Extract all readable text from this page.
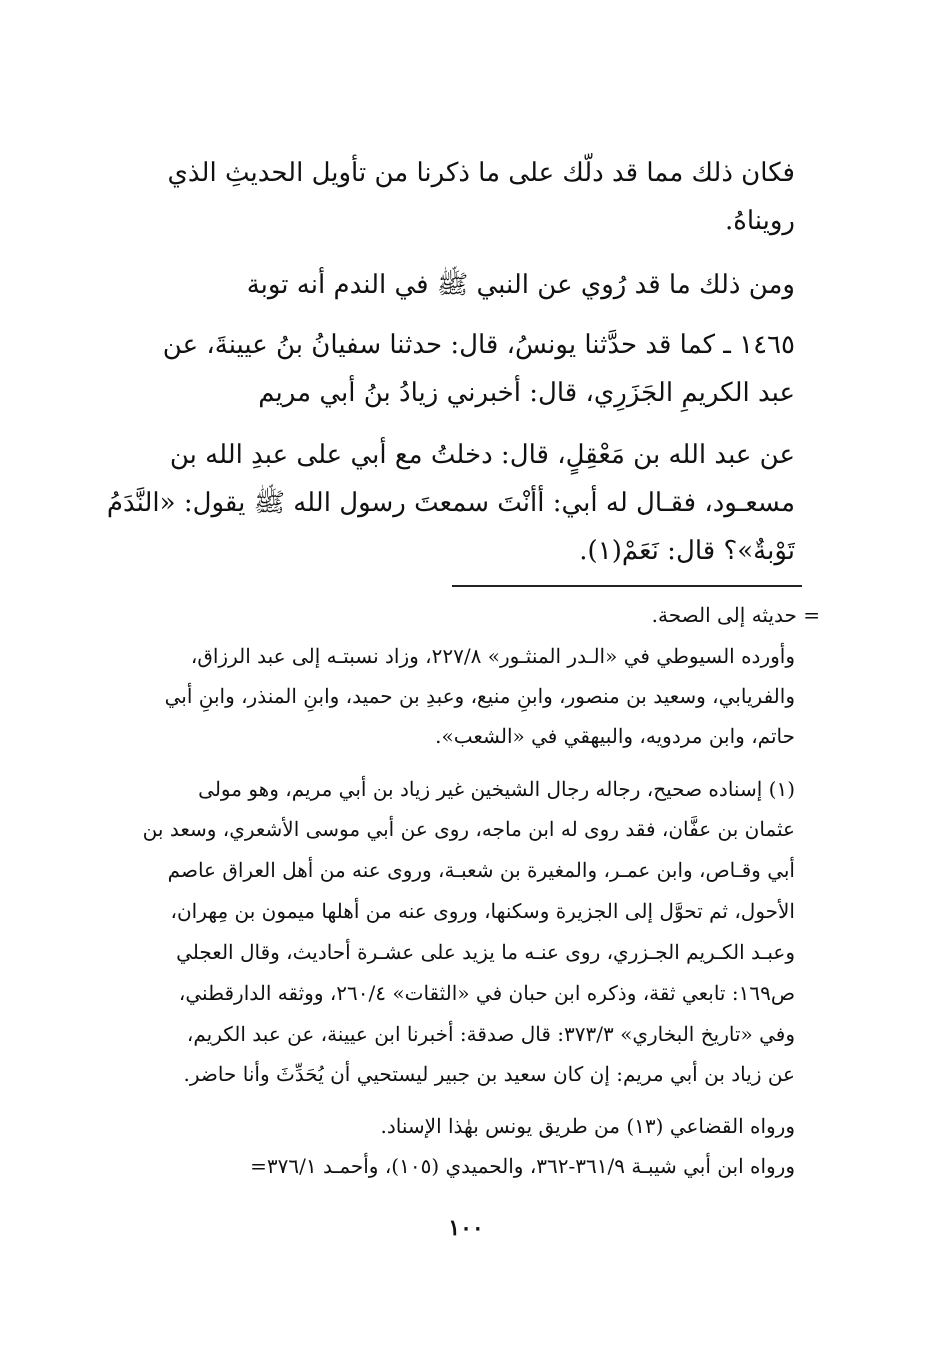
فكان ذلك مما قد دلَّك على ما ذكرنا من تأويل الحديثِ الذي
رويناهُ.
ومن ذلك ما قد رُوي عن النبي ﷺ في الندم أنه توبة
١٤٦٥ ـ كما قد حدَّثنا يونسُ، قال: حدثنا سفيانُ بنُ عيينةَ، عن
عبد الكريمِ الجَزَرِي، قال: أخبرني زيادُ بنُ أبي مريم
عن عبد الله بن مَعْقِلٍ، قال: دخلتُ مع أبي على عبدِ الله بن
مسعـود، فقـال له أبي: أأنْتَ سمعتَ رسول الله ﷺ يقول: «النَّدَمُ
تَوْبةٌ»؟ قال: نَعَمْ(١).
= حديثه إلى الصحة.
وأورده السيوطي في «الـدر المنثـور» ٢٢٧/٨، وزاد نسبتـه إلى عبد الرزاق،
والفريابي، وسعيد بن منصور، وابنِ منيع، وعبدِ بن حميد، وابنِ المنذر، وابنِ أبي
حاتم، وابن مردويه، والبيهقي في «الشعب».
(١) إسناده صحيح، رجاله رجال الشيخين غير زياد بن أبي مريم، وهو مولى
عثمان بن عفَّان، فقد روى له ابن ماجه، روى عن أبي موسى الأشعري، وسعد بن
أبي وقـاص، وابن عمـر، والمغيرة بن شعبـة، وروى عنه من أهل العراق عاصم
الأحول، ثم تحوَّل إلى الجزيرة وسكنها، وروى عنه من أهلها ميمون بن مِهران،
وعبـد الكـريم الجـزري، روى عنـه ما يزيد على عشـرة أحاديث، وقال العجلي
ص١٦٩: تابعي ثقة، وذكره ابن حبان في «الثقات» ٢٦٠/٤، ووثقه الدارقطني،
وفي «تاريخ البخاري» ٣٧٣/٣: قال صدقة: أخبرنا ابن عيينة، عن عبد الكريم،
عن زياد بن أبي مريم: إن كان سعيد بن جبير ليستحيي أن يُحَدِّثَ وأنا حاضر.
ورواه القضاعي (١٣) من طريق يونس بهٰذا الإسناد.
ورواه ابن أبي شيبـة ٣٦١/٩-٣٦٢، والحميدي (١٠٥)، وأحمـد ٣٧٦/١=
١٠٠
